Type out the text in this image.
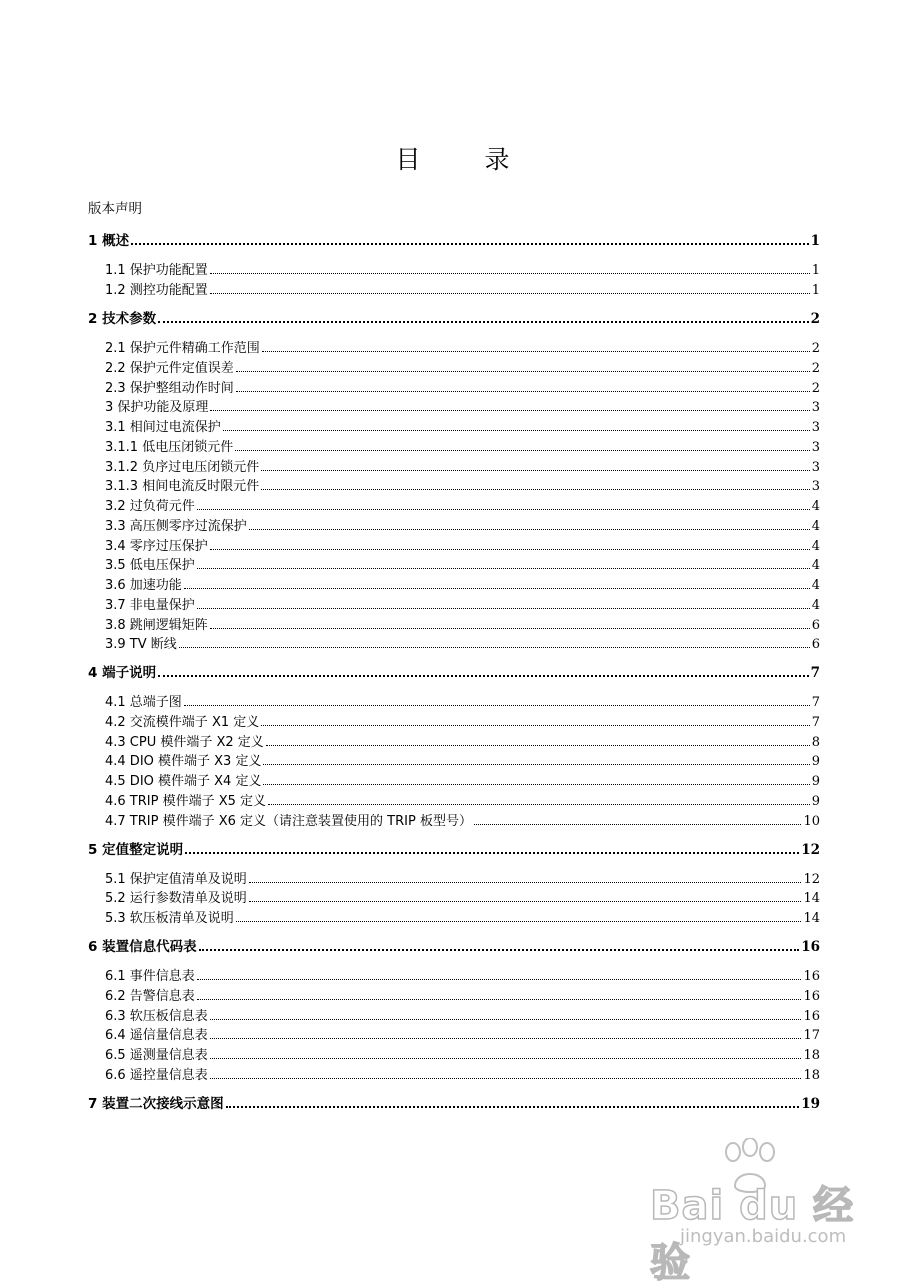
目 录
版本声明
1 概述	1
1.1 保护功能配置	1
1.2 测控功能配置	1
2 技术参数	2
2.1 保护元件精确工作范围	2
2.2 保护元件定值误差	2
2.3 保护整组动作时间	2
3 保护功能及原理	3
3.1 相间过电流保护	3
3.1.1 低电压闭锁元件	3
3.1.2 负序过电压闭锁元件	3
3.1.3 相间电流反时限元件	3
3.2 过负荷元件	4
3.3 高压侧零序过流保护	4
3.4 零序过压保护	4
3.5 低电压保护	4
3.6 加速功能	4
3.7 非电量保护	4
3.8 跳闸逻辑矩阵	6
3.9 TV 断线	6
4 端子说明	7
4.1 总端子图	7
4.2 交流模件端子 X1 定义	7
4.3 CPU 模件端子 X2 定义	8
4.4 DIO 模件端子 X3 定义	9
4.5 DIO 模件端子 X4 定义	9
4.6 TRIP 模件端子 X5 定义	9
4.7 TRIP 模件端子 X6 定义（请注意装置使用的 TRIP 板型号）	10
5 定值整定说明	12
5.1 保护定值清单及说明	12
5.2 运行参数清单及说明	14
5.3 软压板清单及说明	14
6 装置信息代码表	16
6.1 事件信息表	16
6.2 告警信息表	16
6.3 软压板信息表	16
6.4 遥信量信息表	17
6.5 遥测量信息表	18
6.6 遥控量信息表	18
7 装置二次接线示意图	19
Bai du 经验
jingyan.baidu.com
